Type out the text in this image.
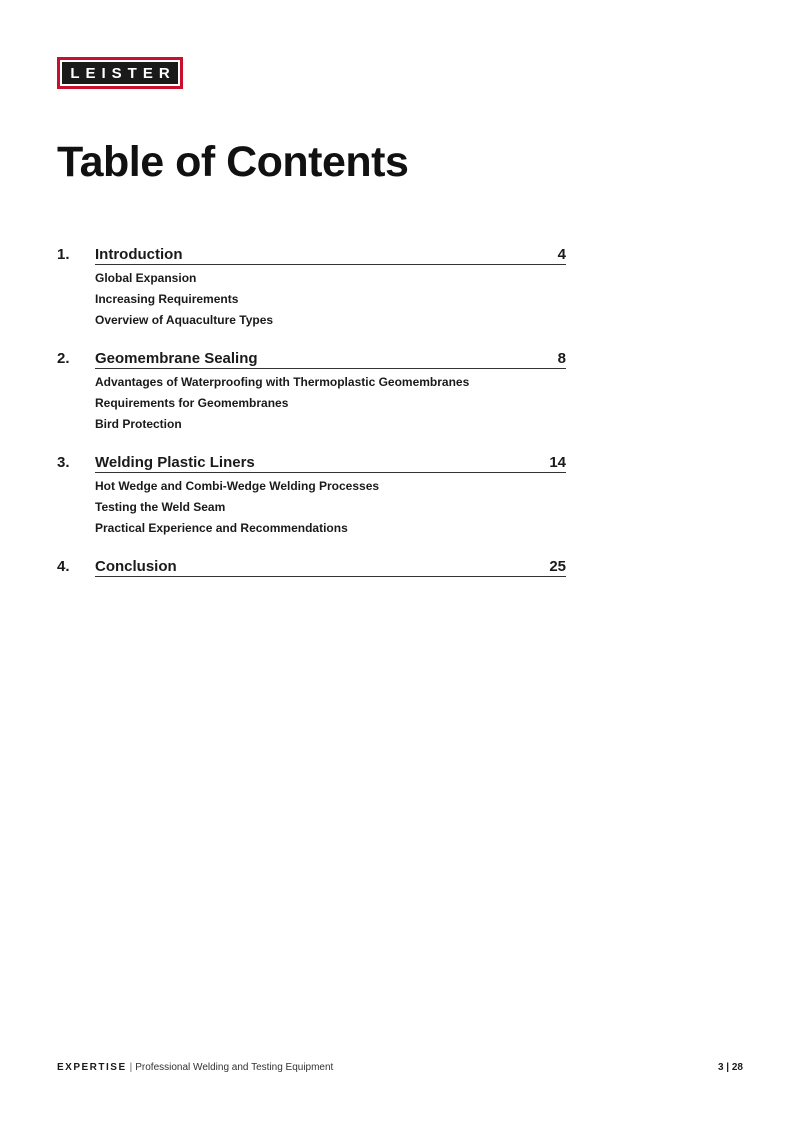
LEISTER
Table of Contents
1.	Introduction	4
Global Expansion
Increasing Requirements
Overview of Aquaculture Types
2.	Geomembrane Sealing	8
Advantages of Waterproofing with Thermoplastic Geomembranes
Requirements for Geomembranes
Bird Protection
3.	Welding Plastic Liners	14
Hot Wedge and Combi-Wedge Welding Processes
Testing the Weld Seam
Practical Experience and Recommendations
4.	Conclusion	25
EXPERTISE | Professional Welding and Testing Equipment	3 | 28
